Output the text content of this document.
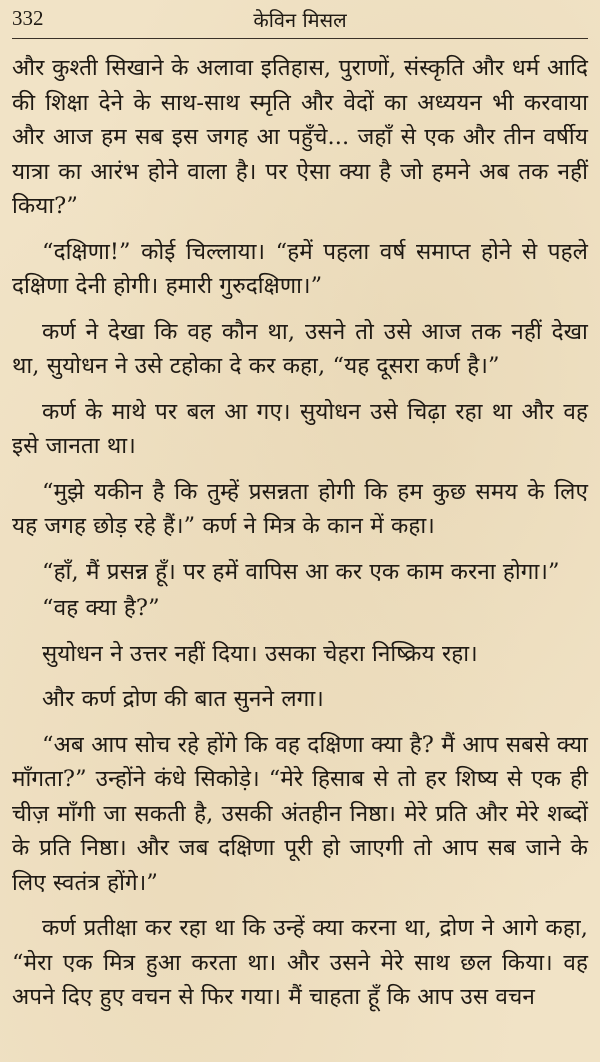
332	केविन मिसल

और कुश्ती सिखाने के अलावा इतिहास, पुराणों, संस्कृति और धर्म आदि की शिक्षा देने के साथ-साथ स्मृति और वेदों का अध्ययन भी करवाया और आज हम सब इस जगह आ पहुँचे... जहाँ से एक और तीन वर्षीय यात्रा का आरंभ होने वाला है। पर ऐसा क्या है जो हमने अब तक नहीं किया?”

“दक्षिणा!” कोई चिल्लाया। “हमें पहला वर्ष समाप्त होने से पहले दक्षिणा देनी होगी। हमारी गुरुदक्षिणा।”

कर्ण ने देखा कि वह कौन था, उसने तो उसे आज तक नहीं देखा था, सुयोधन ने उसे टहोका दे कर कहा, “यह दूसरा कर्ण है।”

कर्ण के माथे पर बल आ गए। सुयोधन उसे चिढ़ा रहा था और वह इसे जानता था।

“मुझे यकीन है कि तुम्हें प्रसन्नता होगी कि हम कुछ समय के लिए यह जगह छोड़ रहे हैं।” कर्ण ने मित्र के कान में कहा।

“हाँ, मैं प्रसन्न हूँ। पर हमें वापिस आ कर एक काम करना होगा।”

“वह क्या है?”

सुयोधन ने उत्तर नहीं दिया। उसका चेहरा निष्क्रिय रहा।

और कर्ण द्रोण की बात सुनने लगा।

“अब आप सोच रहे होंगे कि वह दक्षिणा क्या है? मैं आप सबसे क्या माँगता?” उन्होंने कंधे सिकोड़े। “मेरे हिसाब से तो हर शिष्य से एक ही चीज़ माँगी जा सकती है, उसकी अंतहीन निष्ठा। मेरे प्रति और मेरे शब्दों के प्रति निष्ठा। और जब दक्षिणा पूरी हो जाएगी तो आप सब जाने के लिए स्वतंत्र होंगे।”

कर्ण प्रतीक्षा कर रहा था कि उन्हें क्या करना था, द्रोण ने आगे कहा, “मेरा एक मित्र हुआ करता था। और उसने मेरे साथ छल किया। वह अपने दिए हुए वचन से फिर गया। मैं चाहता हूँ कि आप उस वचन
